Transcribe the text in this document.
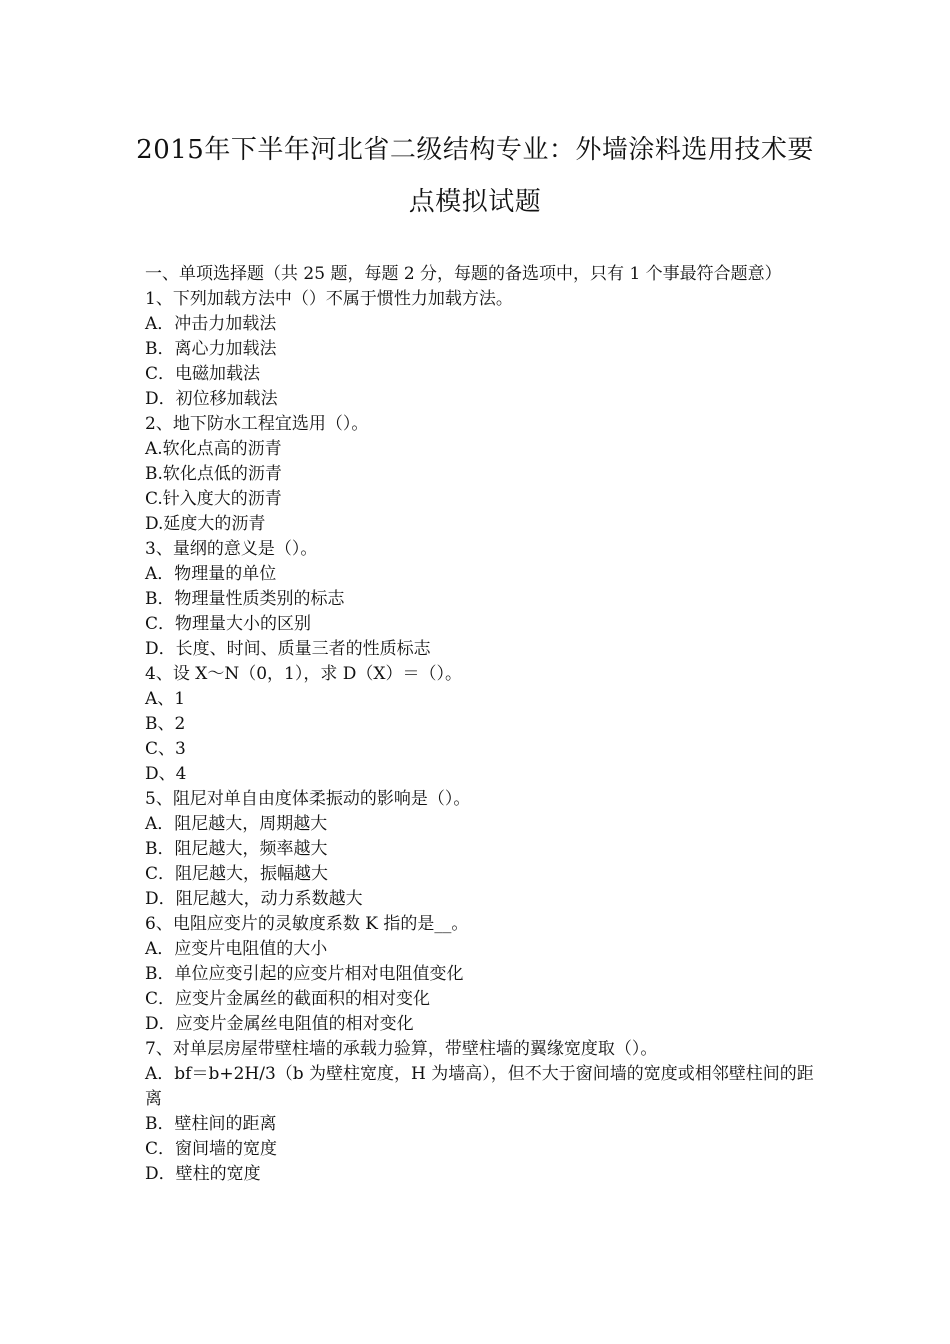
2015年下半年河北省二级结构专业：外墙涂料选用技术要
点模拟试题
一、单项选择题（共 25 题，每题 2 分，每题的备选项中，只有 1 个事最符合题意）
1、下列加载方法中（）不属于惯性力加载方法。
A．冲击力加载法
B．离心力加载法
C．电磁加载法
D．初位移加载法
2、地下防水工程宜选用（）。
A.软化点高的沥青
B.软化点低的沥青
C.针入度大的沥青
D.延度大的沥青
3、量纲的意义是（）。
A．物理量的单位
B．物理量性质类别的标志
C．物理量大小的区别
D．长度、时间、质量三者的性质标志
4、设 X～N（0，1），求 D（X）＝（）。
A、1
B、2
C、3
D、4
5、阻尼对单自由度体柔振动的影响是（）。
A．阻尼越大，周期越大
B．阻尼越大，频率越大
C．阻尼越大，振幅越大
D．阻尼越大，动力系数越大
6、电阻应变片的灵敏度系数 K 指的是__。
A．应变片电阻值的大小
B．单位应变引起的应变片相对电阻值变化
C．应变片金属丝的截面积的相对变化
D．应变片金属丝电阻值的相对变化
7、对单层房屋带壁柱墙的承载力验算，带壁柱墙的翼缘宽度取（）。
A．bf＝b+2H/3（b 为壁柱宽度，H 为墙高），但不大于窗间墙的宽度或相邻壁柱间的距离
B．壁柱间的距离
C．窗间墙的宽度
D．壁柱的宽度
